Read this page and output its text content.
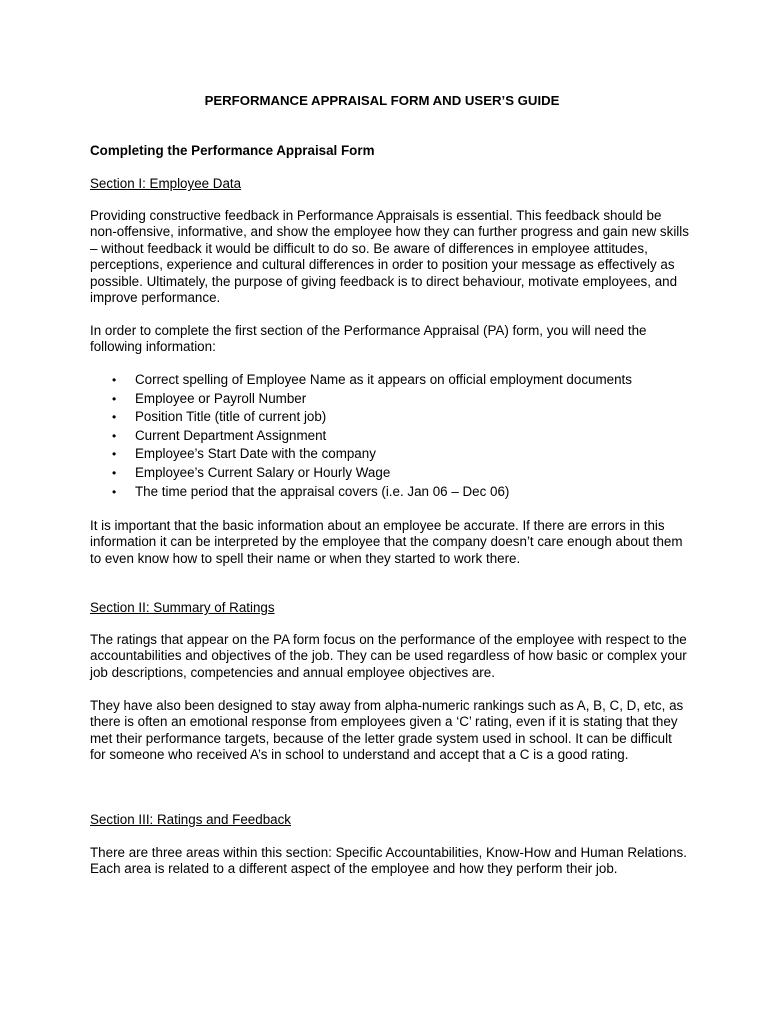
PERFORMANCE APPRAISAL FORM AND USER’S GUIDE
Completing the Performance Appraisal Form
Section I: Employee Data

Providing constructive feedback in Performance Appraisals is essential. This feedback should be non-offensive, informative, and show the employee how they can further progress and gain new skills – without feedback it would be difficult to do so. Be aware of differences in employee attitudes, perceptions, experience and cultural differences in order to position your message as effectively as possible. Ultimately, the purpose of giving feedback is to direct behaviour, motivate employees, and improve performance.

In order to complete the first section of the Performance Appraisal (PA) form, you will need the following information:

• Correct spelling of Employee Name as it appears on official employment documents
• Employee or Payroll Number
• Position Title (title of current job)
• Current Department Assignment
• Employee’s Start Date with the company
• Employee’s Current Salary or Hourly Wage
• The time period that the appraisal covers (i.e. Jan 06 – Dec 06)

It is important that the basic information about an employee be accurate. If there are errors in this information it can be interpreted by the employee that the company doesn’t care enough about them to even know how to spell their name or when they started to work there.

Section II: Summary of Ratings

The ratings that appear on the PA form focus on the performance of the employee with respect to the accountabilities and objectives of the job. They can be used regardless of how basic or complex your job descriptions, competencies and annual employee objectives are.

They have also been designed to stay away from alpha-numeric rankings such as A, B, C, D, etc, as there is often an emotional response from employees given a ‘C’ rating, even if it is stating that they met their performance targets, because of the letter grade system used in school. It can be difficult for someone who received A’s in school to understand and accept that a C is a good rating.

Section III: Ratings and Feedback

There are three areas within this section: Specific Accountabilities, Know-How and Human Relations. Each area is related to a different aspect of the employee and how they perform their job.
